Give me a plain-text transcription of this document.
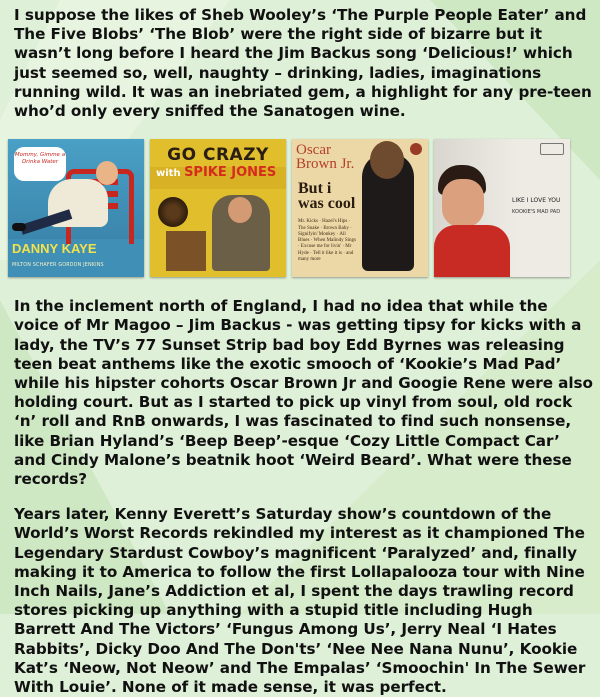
I suppose the likes of Sheb Wooley’s ‘The Purple People Eater’ and The Five Blobs’ ‘The Blob’ were the right side of bizarre but it wasn’t long before I heard the Jim Backus song ‘Delicious!’ which just seemed so, well, naughty – drinking, ladies, imaginations running wild. It was an inebriated gem, a highlight for any pre-teen who’d only every sniffed the Sanatogen wine.

Mommy, Gimme a Drinka Water
DANNY KAYE
MILTON SCHAFER GORDON JENKINS
GO CRAZY
with SPIKE JONES
Oscar Brown Jr.
But i was cool
Mr. Kicks · Hazel's Hips · The Snake · Brown Baby · Signifyin' Monkey · All Blues · When Malindy Sings · Excuse me for livin' · Mr Hyde · Tell it like it is · and many more
LIKE I LOVE YOU
KOOKIE'S MAD PAD

In the inclement north of England, I had no idea that while the voice of Mr Magoo – Jim Backus - was getting tipsy for kicks with a lady, the TV’s 77 Sunset Strip bad boy Edd Byrnes was releasing teen beat anthems like the exotic smooch of ‘Kookie’s Mad Pad’ while his hipster cohorts Oscar Brown Jr and Googie Rene were also holding court. But as I started to pick up vinyl from soul, old rock ‘n’ roll and RnB onwards, I was fascinated to find such nonsense, like Brian Hyland’s ‘Beep Beep’-esque ‘Cozy Little Compact Car’ and Cindy Malone’s beatnik hoot ‘Weird Beard’. What were these records?

Years later, Kenny Everett’s Saturday show’s countdown of the World’s Worst Records rekindled my interest as it championed The Legendary Stardust Cowboy’s magnificent ‘Paralyzed’ and, finally making it to America to follow the first Lollapalooza tour with Nine Inch Nails, Jane’s Addiction et al, I spent the days trawling record stores picking up anything with a stupid title including Hugh Barrett And The Victors’ ‘Fungus Among Us’, Jerry Neal ‘I Hates Rabbits’, Dicky Doo And The Don'ts’ ‘Nee Nee Nana Nunu’, Kookie Kat’s ‘Neow, Not Neow’ and The Empalas’ ‘Smoochin' In The Sewer With Louie’. None of it made sense, it was perfect.
